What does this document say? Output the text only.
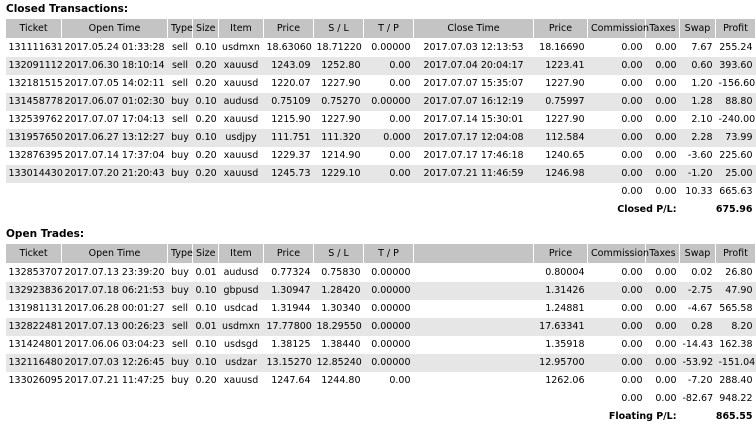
Closed Transactions:
Ticket	Open Time	Type	Size	Item	Price	S / L	T / P	Close Time	Price	Commission	Taxes	Swap	Profit
131111631	2017.05.24 01:33:28	sell	0.10	usdmxn	18.63060	18.71220	0.00000	2017.07.03 12:13:53	18.16690	0.00	0.00	7.67	255.24
132091112	2017.06.30 18:10:14	sell	0.20	xauusd	1243.09	1252.80	0.00	2017.07.04 20:04:17	1223.41	0.00	0.00	0.60	393.60
132181515	2017.07.05 14:02:11	sell	0.20	xauusd	1220.07	1227.90	0.00	2017.07.07 15:35:07	1227.90	0.00	0.00	1.20	-156.60
131458778	2017.06.07 01:02:30	buy	0.10	audusd	0.75109	0.75270	0.00000	2017.07.07 16:12:19	0.75997	0.00	0.00	1.28	88.80
132539762	2017.07.07 17:04:13	sell	0.20	xauusd	1215.90	1227.90	0.00	2017.07.14 15:30:01	1227.90	0.00	0.00	2.10	-240.00
131957650	2017.06.27 13:12:27	buy	0.10	usdjpy	111.751	111.320	0.000	2017.07.17 12:04:08	112.584	0.00	0.00	2.28	73.99
132876395	2017.07.14 17:37:04	buy	0.20	xauusd	1229.37	1214.90	0.00	2017.07.17 17:46:18	1240.65	0.00	0.00	-3.60	225.60
133014430	2017.07.20 21:20:43	buy	0.20	xauusd	1245.73	1229.10	0.00	2017.07.21 11:46:59	1246.98	0.00	0.00	-1.20	25.00
										0.00	0.00	10.33	665.63
										Closed P/L:		675.96	
Open Trades:
Ticket	Open Time	Type	Size	Item	Price	S / L	T / P		Price	Commission	Taxes	Swap	Profit
132853707	2017.07.13 23:39:20	buy	0.01	audusd	0.77324	0.75830	0.00000		0.80004	0.00	0.00	0.02	26.80
132923836	2017.07.18 06:21:53	buy	0.10	gbpusd	1.30947	1.28420	0.00000		1.31426	0.00	0.00	-2.75	47.90
131981131	2017.06.28 00:01:27	sell	0.10	usdcad	1.31944	1.30340	0.00000		1.24881	0.00	0.00	-4.67	565.58
132822481	2017.07.13 00:26:23	sell	0.01	usdmxn	17.77800	18.29550	0.00000		17.63341	0.00	0.00	0.28	8.20
131424801	2017.06.06 03:04:23	sell	0.10	usdsgd	1.38125	1.38440	0.00000		1.35918	0.00	0.00	-14.43	162.38
132116480	2017.07.03 12:26:45	buy	0.10	usdzar	13.15270	12.85240	0.00000		12.95700	0.00	0.00	-53.92	-151.04
133026095	2017.07.21 11:47:25	buy	0.20	xauusd	1247.64	1244.80	0.00		1262.06	0.00	0.00	-7.20	288.40
										0.00	0.00	-82.67	948.22
										Floating P/L:		865.55	
